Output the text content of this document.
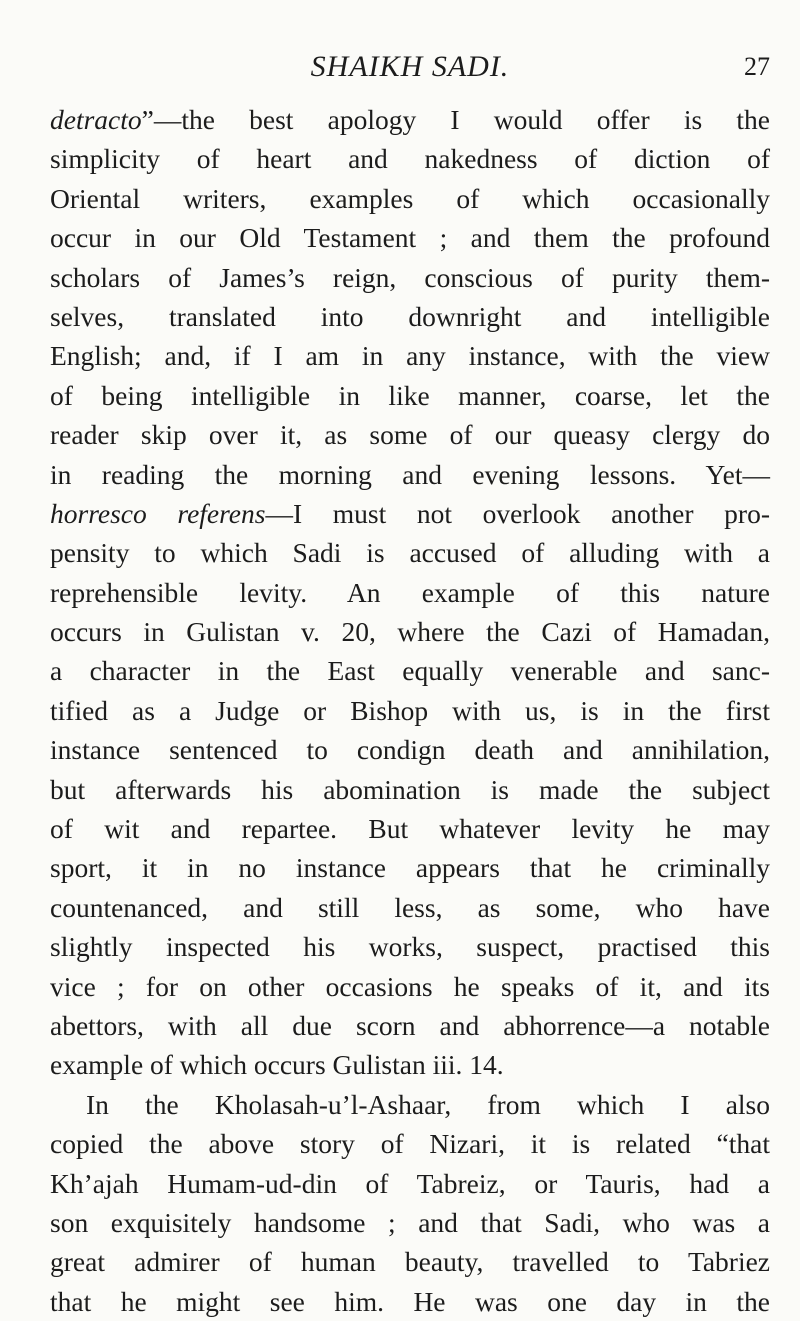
SHAIKH SADI.	27
detracto”—the best apology I would offer is the
simplicity of heart and nakedness of diction of
Oriental writers, examples of which occasionally
occur in our Old Testament ; and them the profound
scholars of James’s reign, conscious of purity them-
selves, translated into downright and intelligible
English; and, if I am in any instance, with the view
of being intelligible in like manner, coarse, let the
reader skip over it, as some of our queasy clergy do
in reading the morning and evening lessons. Yet—
horresco referens—I must not overlook another pro-
pensity to which Sadi is accused of alluding with a
reprehensible levity. An example of this nature
occurs in Gulistan v. 20, where the Cazi of Hamadan,
a character in the East equally venerable and sanc-
tified as a Judge or Bishop with us, is in the first
instance sentenced to condign death and annihilation,
but afterwards his abomination is made the subject
of wit and repartee. But whatever levity he may
sport, it in no instance appears that he criminally
countenanced, and still less, as some, who have
slightly inspected his works, suspect, practised this
vice ; for on other occasions he speaks of it, and its
abettors, with all due scorn and abhorrence—a notable
example of which occurs Gulistan iii. 14.
In the Kholasah-u’l-Ashaar, from which I also
copied the above story of Nizari, it is related “that
Kh’ajah Humam-ud-din of Tabreiz, or Tauris, had a
son exquisitely handsome ; and that Sadi, who was a
great admirer of human beauty, travelled to Tabriez
that he might see him. He was one day in the
